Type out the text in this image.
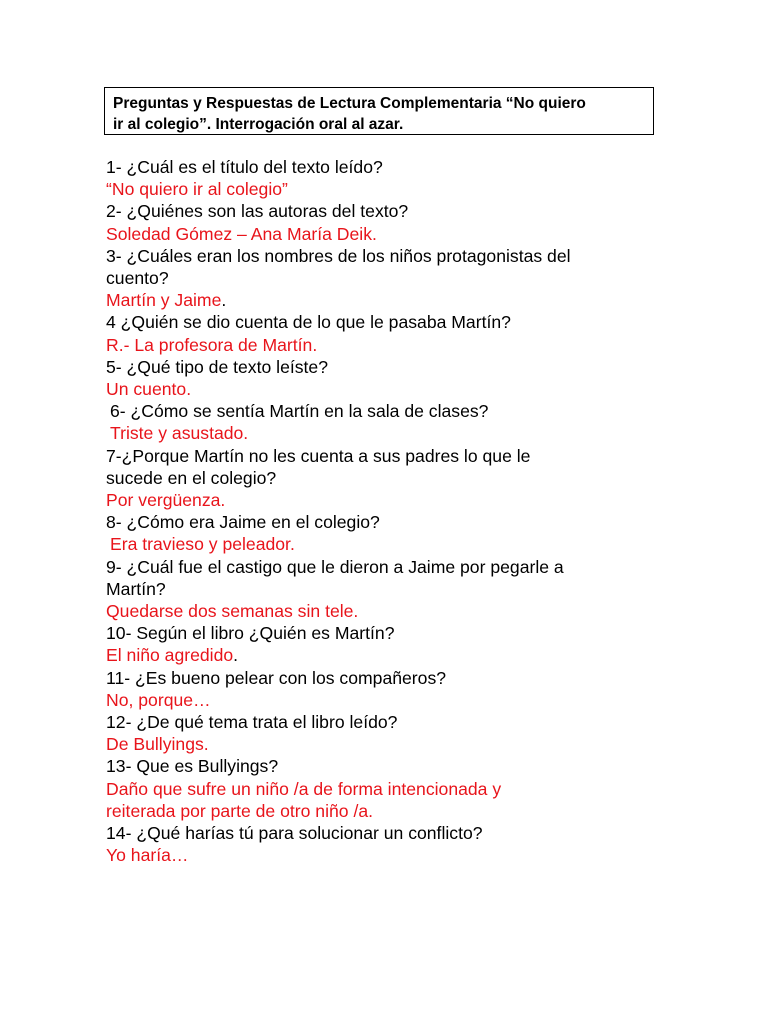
Preguntas y Respuestas de Lectura Complementaria “No quiero
ir al colegio”. Interrogación oral al azar.
1- ¿Cuál es el título del texto leído?
“No quiero ir al colegio”
2- ¿Quiénes son las autoras del texto?
Soledad Gómez – Ana María Deik.
3- ¿Cuáles eran los nombres de los niños protagonistas del
cuento?
Martín y Jaime.
4 ¿Quién se dio cuenta de lo que le pasaba Martín?
R.- La profesora de Martín.
5- ¿Qué tipo de texto leíste?
Un cuento.
6- ¿Cómo se sentía Martín en la sala de clases?
Triste y asustado.
7-¿Porque Martín no les cuenta a sus padres lo que le
sucede en el colegio?
Por vergüenza.
8- ¿Cómo era Jaime en el colegio?
Era travieso y peleador.
9- ¿Cuál fue el castigo que le dieron a Jaime por pegarle a
Martín?
Quedarse dos semanas sin tele.
10- Según el libro ¿Quién es Martín?
El niño agredido.
11- ¿Es bueno pelear con los compañeros?
No, porque…
12- ¿De qué tema trata el libro leído?
De Bullyings.
13- Que es Bullyings?
Daño que sufre un niño /a de forma intencionada y
reiterada por parte de otro niño /a.
14- ¿Qué harías tú para solucionar un conflicto?
Yo haría…
